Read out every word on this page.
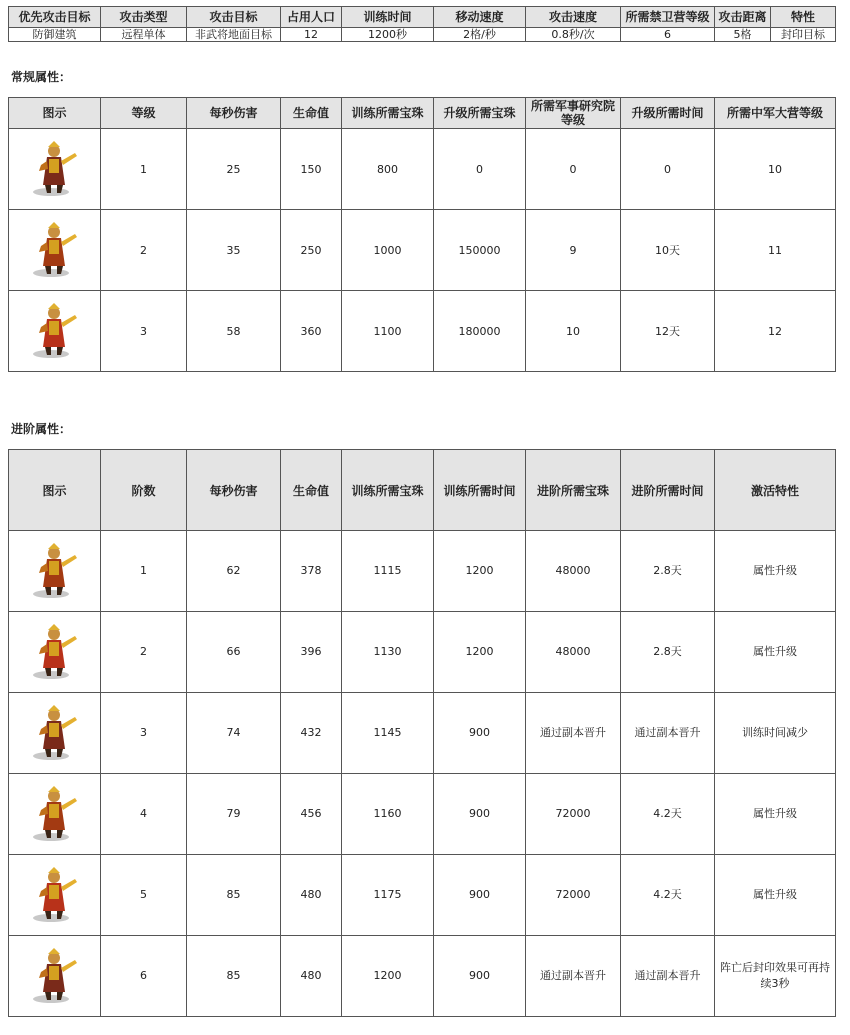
优先攻击目标	攻击类型	攻击目标	占用人口	训练时间	移动速度	攻击速度	所需禁卫营等级	攻击距离	特性
防御建筑	远程单体	非武将地面目标	12	1200秒	2格/秒	0.8秒/次	6	5格	封印目标
常规属性：
图示	等级	每秒伤害	生命值	训练所需宝珠	升级所需宝珠	所需军事研究院等级	升级所需时间	所需中军大营等级

	1	25	150	800	0	0	0	10

	2	35	250	1000	150000	9	10天	11

	3	58	360	1100	180000	10	12天	12
进阶属性：
图示	阶数	每秒伤害	生命值	训练所需宝珠	训练所需时间	进阶所需宝珠	进阶所需时间	激活特性

	1	62	378	1115	1200	48000	2.8天	属性升级

	2	66	396	1130	1200	48000	2.8天	属性升级

	3	74	432	1145	900	通过副本晋升	通过副本晋升	训练时间减少

	4	79	456	1160	900	72000	4.2天	属性升级

	5	85	480	1175	900	72000	4.2天	属性升级

	6	85	480	1200	900	通过副本晋升	通过副本晋升	阵亡后封印效果可再持续3秒
